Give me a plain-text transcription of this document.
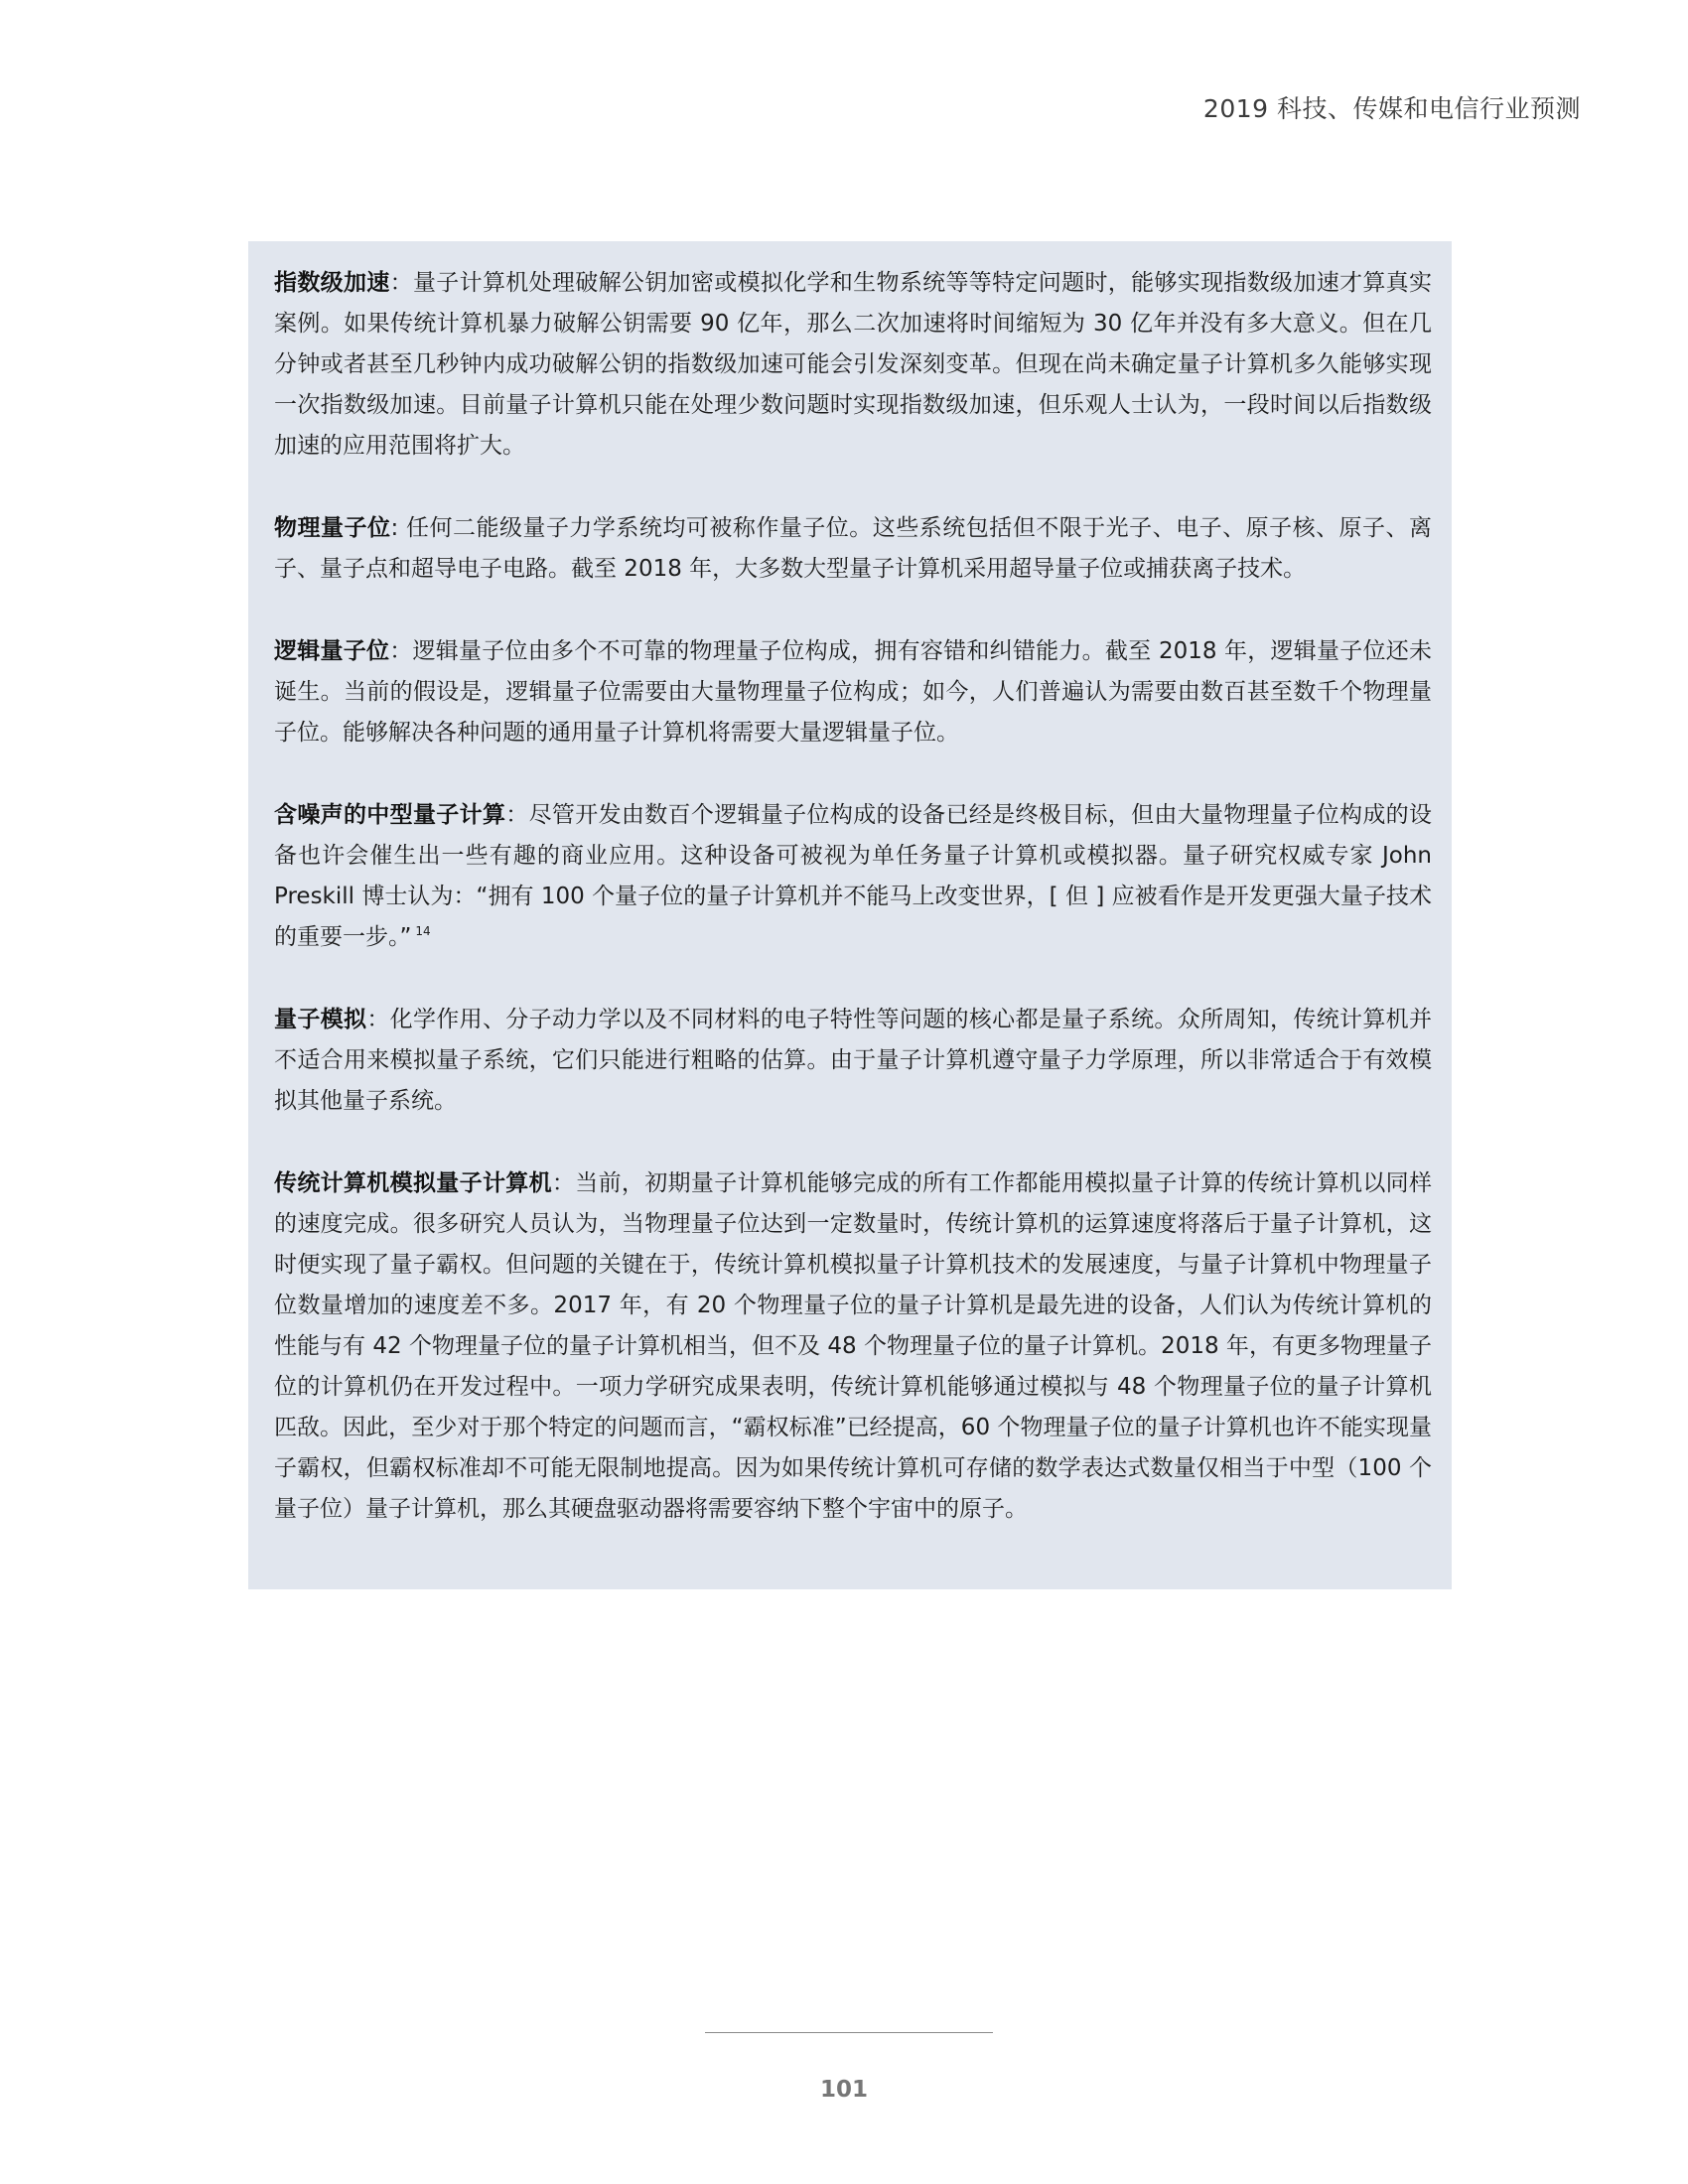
2019 科技、传媒和电信行业预测

指数级加速：量子计算机处理破解公钥加密或模拟化学和生物系统等等特定问题时，能够实现指数级加速才算真实案例。如果传统计算机暴力破解公钥需要 90 亿年，那么二次加速将时间缩短为 30 亿年并没有多大意义。但在几分钟或者甚至几秒钟内成功破解公钥的指数级加速可能会引发深刻变革。但现在尚未确定量子计算机多久能够实现一次指数级加速。目前量子计算机只能在处理少数问题时实现指数级加速，但乐观人士认为，一段时间以后指数级加速的应用范围将扩大。

物理量子位: 任何二能级量子力学系统均可被称作量子位。这些系统包括但不限于光子、电子、原子核、原子、离子、量子点和超导电子电路。截至 2018 年，大多数大型量子计算机采用超导量子位或捕获离子技术。

逻辑量子位：逻辑量子位由多个不可靠的物理量子位构成，拥有容错和纠错能力。截至 2018 年，逻辑量子位还未诞生。当前的假设是，逻辑量子位需要由大量物理量子位构成；如今，人们普遍认为需要由数百甚至数千个物理量子位。能够解决各种问题的通用量子计算机将需要大量逻辑量子位。

含噪声的中型量子计算：尽管开发由数百个逻辑量子位构成的设备已经是终极目标，但由大量物理量子位构成的设备也许会催生出一些有趣的商业应用。这种设备可被视为单任务量子计算机或模拟器。量子研究权威专家 John Preskill 博士认为：“拥有 100 个量子位的量子计算机并不能马上改变世界，[ 但 ] 应被看作是开发更强大量子技术的重要一步。” $^{14}$

量子模拟：化学作用、分子动力学以及不同材料的电子特性等问题的核心都是量子系统。众所周知，传统计算机并不适合用来模拟量子系统，它们只能进行粗略的估算。由于量子计算机遵守量子力学原理，所以非常适合于有效模拟其他量子系统。

传统计算机模拟量子计算机：当前，初期量子计算机能够完成的所有工作都能用模拟量子计算的传统计算机以同样的速度完成。很多研究人员认为，当物理量子位达到一定数量时，传统计算机的运算速度将落后于量子计算机，这时便实现了量子霸权。但问题的关键在于，传统计算机模拟量子计算机技术的发展速度，与量子计算机中物理量子位数量增加的速度差不多。2017 年，有 20 个物理量子位的量子计算机是最先进的设备，人们认为传统计算机的性能与有 42 个物理量子位的量子计算机相当，但不及 48 个物理量子位的量子计算机。2018 年，有更多物理量子位的计算机仍在开发过程中。一项力学研究成果表明，传统计算机能够通过模拟与 48 个物理量子位的量子计算机匹敌。因此，至少对于那个特定的问题而言，“霸权标准”已经提高，60 个物理量子位的量子计算机也许不能实现量子霸权，但霸权标准却不可能无限制地提高。因为如果传统计算机可存储的数学表达式数量仅相当于中型（100 个量子位）量子计算机，那么其硬盘驱动器将需要容纳下整个宇宙中的原子。

101
